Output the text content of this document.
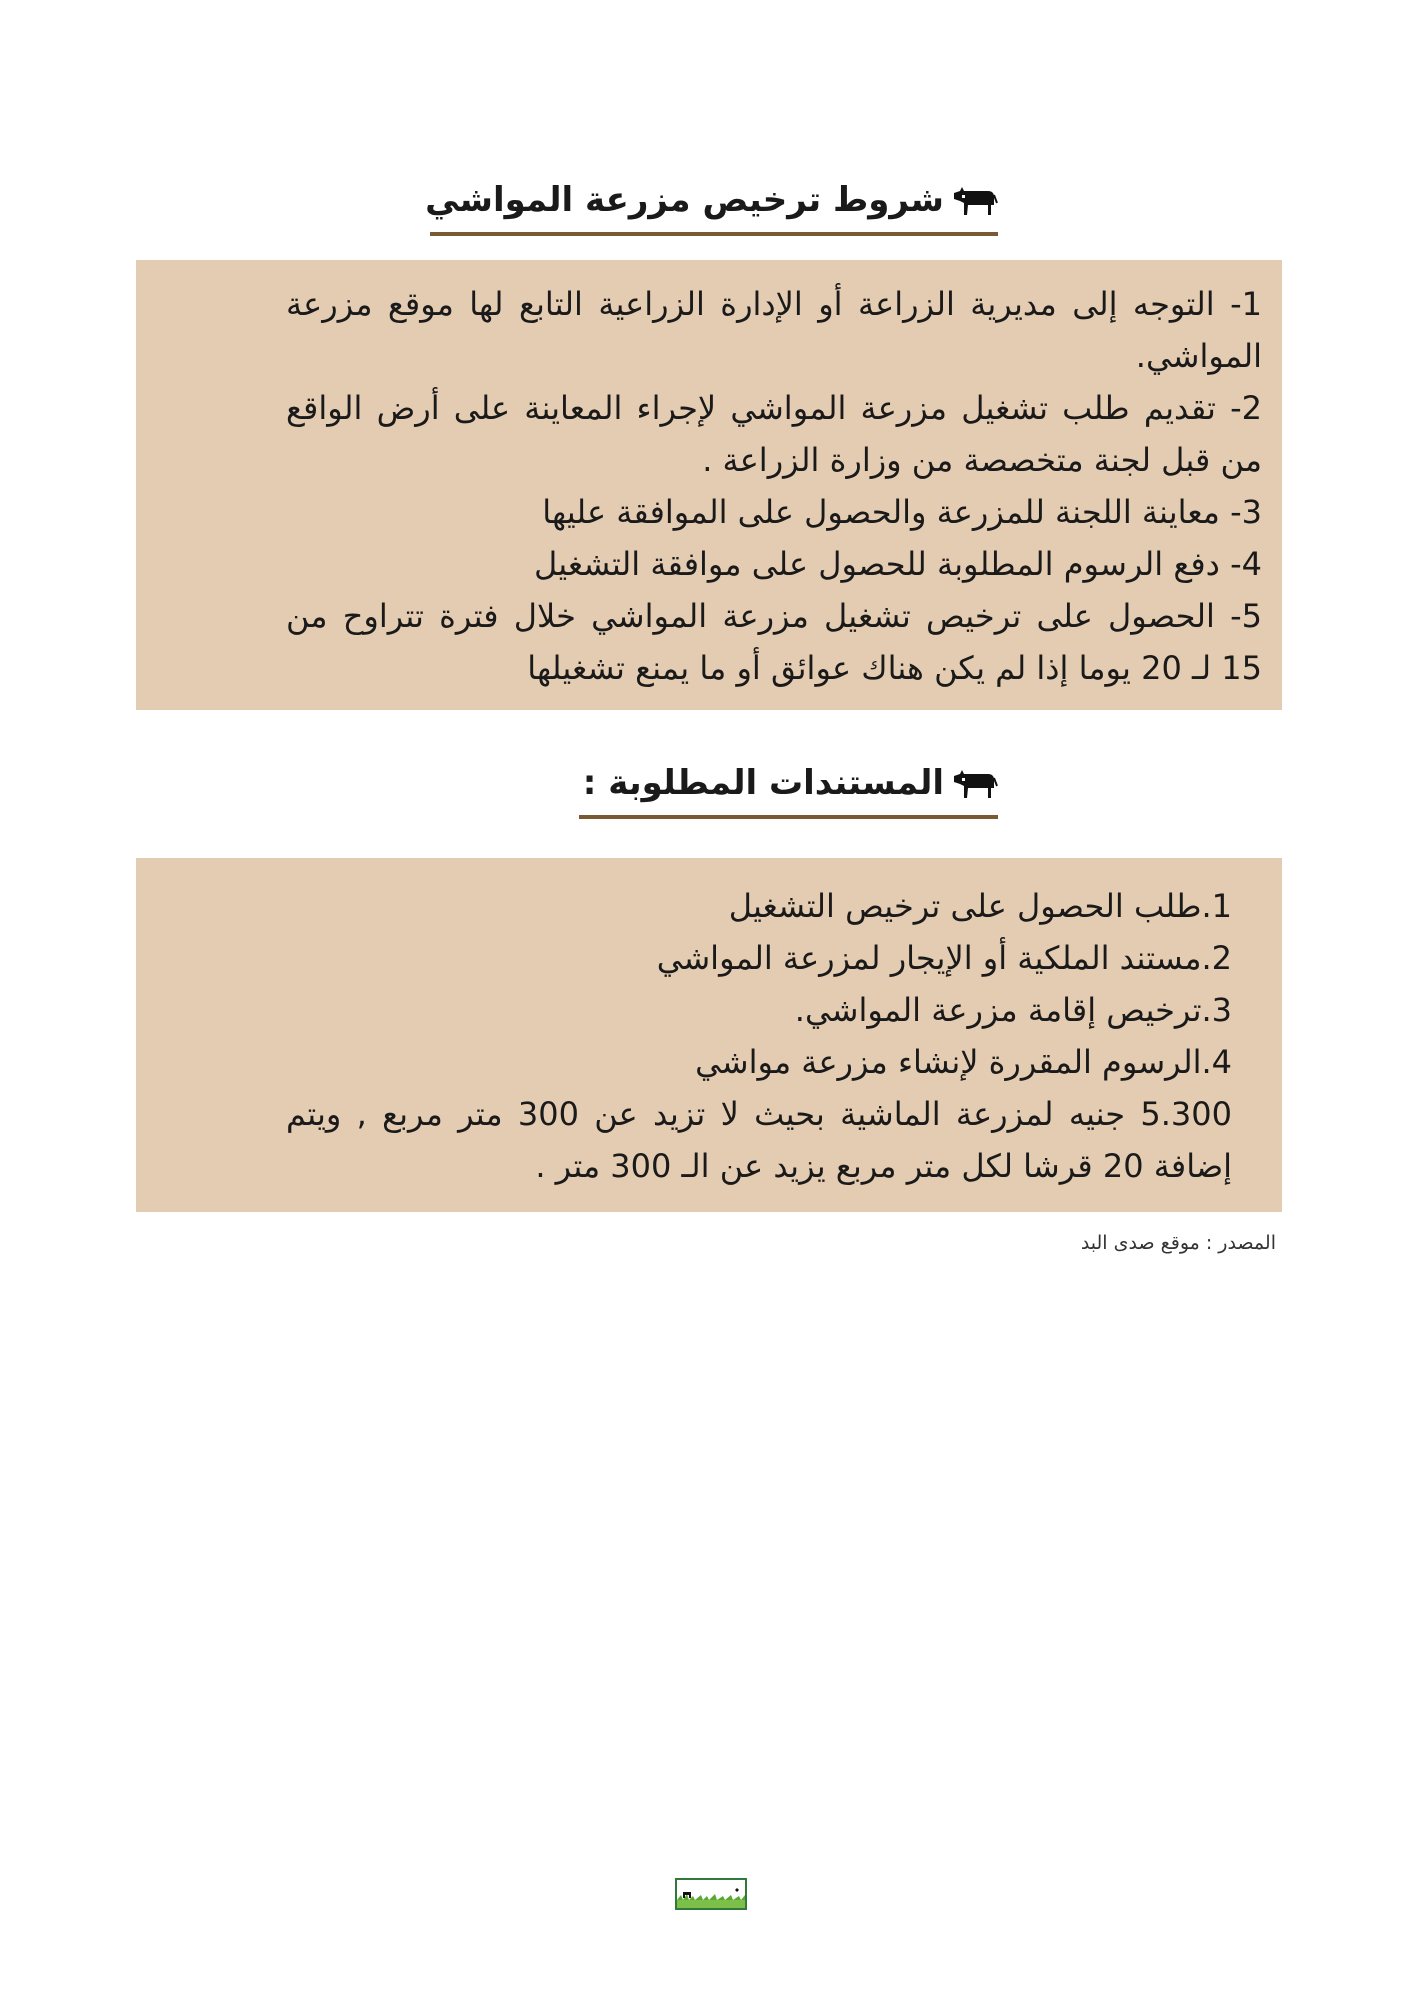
شروط ترخيص مزرعة المواشي

1- التوجه إلى مديرية الزراعة أو الإدارة الزراعية التابع لها موقع مزرعة المواشي.

2- تقديم طلب تشغيل مزرعة المواشي لإجراء المعاينة على أرض الواقع من قبل لجنة متخصصة من وزارة الزراعة .

3- معاينة اللجنة للمزرعة والحصول على الموافقة عليها

4- دفع الرسوم المطلوبة للحصول على موافقة التشغيل

5- الحصول على ترخيص تشغيل مزرعة المواشي خلال فترة تتراوح من 15 لـ 20 يوما إذا لم يكن هناك عوائق أو ما يمنع تشغيلها

المستندات المطلوبة :
1.طلب الحصول على ترخيص التشغيل
2.مستند الملكية أو الإيجار لمزرعة المواشي
3.ترخيص إقامة مزرعة المواشي.
4.الرسوم المقررة لإنشاء مزرعة مواشي
5.300 جنيه لمزرعة الماشية بحيث لا تزيد عن 300 متر مربع , ويتم إضافة 20 قرشا لكل متر مربع يزيد عن الـ 300 متر .
المصدر : موقع صدى البد
